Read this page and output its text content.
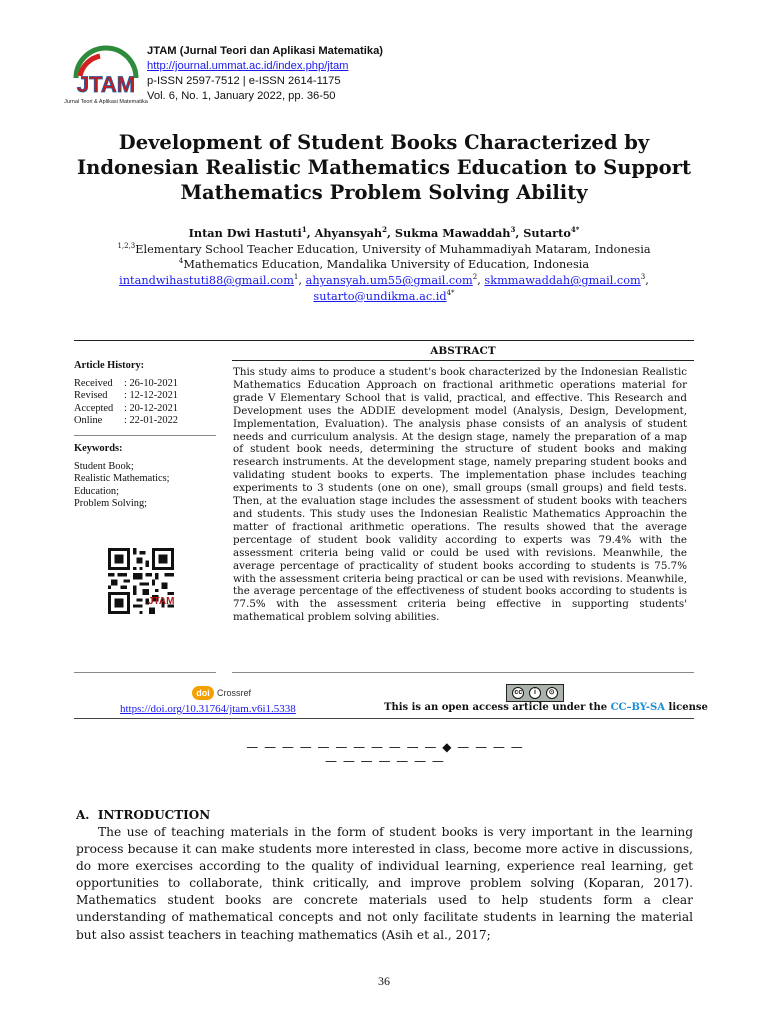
JTAM
Jurnal Teori & Aplikasi Matematika
JTAM (Jurnal Teori dan Aplikasi Matematika)
http://journal.ummat.ac.id/index.php/jtam
p-ISSN 2597-7512 | e-ISSN 2614-1175
Vol. 6, No. 1, January 2022, pp. 36-50
Development of Student Books Characterized by Indonesian Realistic Mathematics Education to Support Mathematics Problem Solving Ability
Intan Dwi Hastuti$^1$, Ahyansyah$^2$, Sukma Mawaddah$^3$, Sutarto$^{4*}$
$^{1,2,3}$Elementary School Teacher Education, University of Muhammadiyah Mataram, Indonesia
$^4$Mathematics Education, Mandalika University of Education, Indonesia
intandwihastuti88@gmail.com$^1$, ahyansyah.um55@gmail.com$^2$, skmmawaddah@gmail.com$^3$,
$sutarto@undikma.ac.id^{4*}$
Article History:
Received	: 26-10-2021
Revised	: 12-12-2021
Accepted	: 20-12-2021
Online	: 22-01-2022
Keywords:
Student Book;
Realistic Mathematics;
Education;
Problem Solving;
JTAM
ABSTRACT
This study aims to produce a student's book characterized by the Indonesian Realistic Mathematics Education Approach on fractional arithmetic operations material for grade V Elementary School that is valid, practical, and effective. This Research and Development uses the ADDIE development model (Analysis, Design, Development, Implementation, Evaluation). The analysis phase consists of an analysis of student needs and curriculum analysis. At the design stage, namely the preparation of a map of student book needs, determining the structure of student books and making research instruments. At the development stage, namely preparing student books and validating student books to experts. The implementation phase includes teaching experiments to 3 students (one on one), small groups (small groups) and field tests. Then, at the evaluation stage includes the assessment of student books with teachers and students. This study uses the Indonesian Realistic Mathematics Approachin the matter of fractional arithmetic operations. The results showed that the average percentage of student book validity according to experts was 79.4% with the assessment criteria being valid or could be used with revisions. Meanwhile, the average percentage of practicality of student books according to students is 75.7% with the assessment criteria being practical or can be used with revisions. Meanwhile, the average percentage of the effectiveness of student books according to students is 77.5% with the assessment criteria being effective in supporting students' mathematical problem solving abilities.
doi Crossref
https://doi.org/10.31764/jtam.v6i1.5338
cc	i	⊙
This is an open access article under the CC–BY-SA license
— — — — — — — — — — — ◆ — — — — — — — — — — —
A.  INTRODUCTION
The use of teaching materials in the form of student books is very important in the learning process because it can make students more interested in class, become more active in discussions, do more exercises according to the quality of individual learning, experience real learning, get opportunities to collaborate, think critically, and improve problem solving (Koparan, 2017). Mathematics student books are concrete materials used to help students form a clear understanding of mathematical concepts and not only facilitate students in learning the material but also assist teachers in teaching mathematics (Asih et al., 2017;
36
